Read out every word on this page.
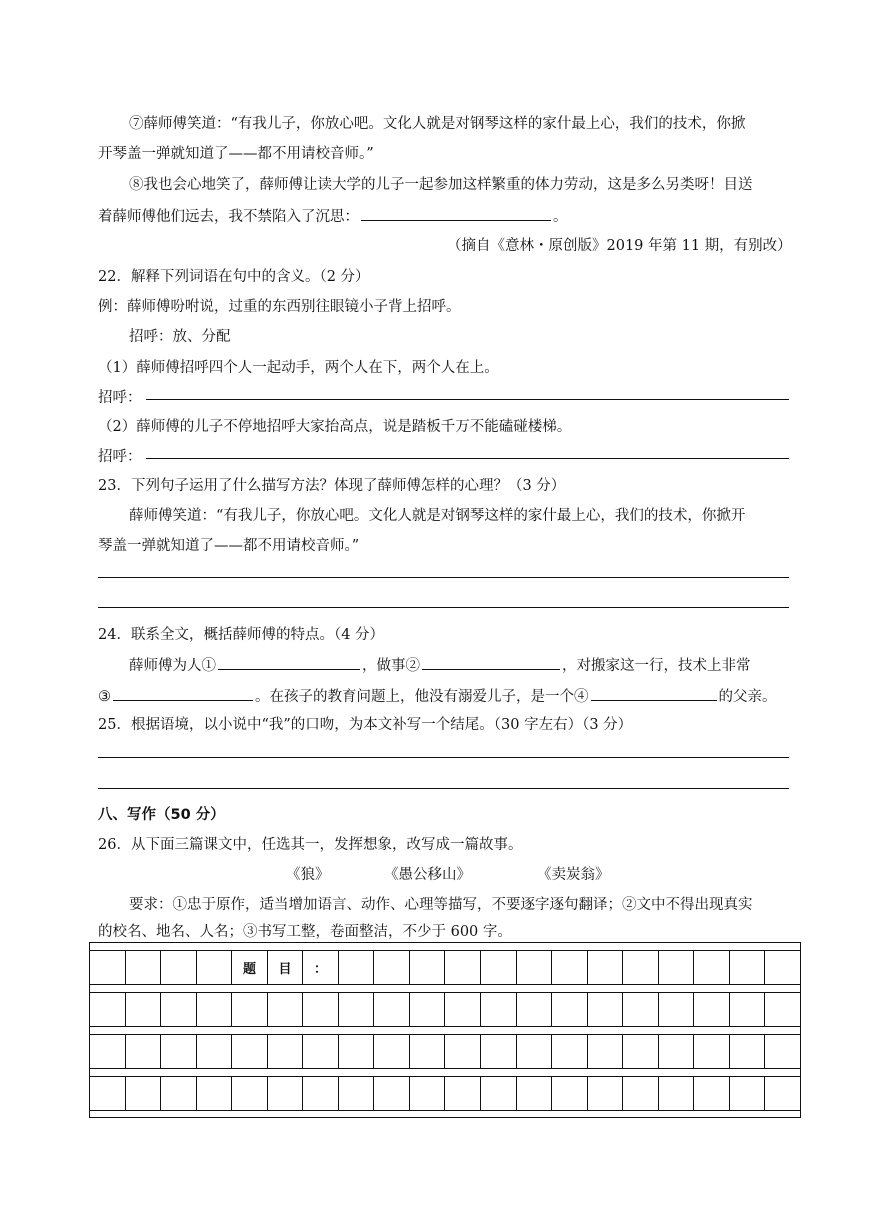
⑦薛师傅笑道：“有我儿子，你放心吧。文化人就是对钢琴这样的家什最上心，我们的技术，你掀
开琴盖一弹就知道了——都不用请校音师。”
⑧我也会心地笑了，薛师傅让读大学的儿子一起参加这样繁重的体力劳动，这是多么另类呀！目送
着薛师傅他们远去，我不禁陷入了沉思：	。
（摘自《意林・原创版》2019 年第 11 期，有别改）
22．解释下列词语在句中的含义。（2 分）
例：薛师傅吩咐说，过重的东西别往眼镜小子背上招呼。
招呼：放、分配
（1）薛师傅招呼四个人一起动手，两个人在下，两个人在上。
招呼：
（2）薛师傅的儿子不停地招呼大家抬高点，说是踏板千万不能磕碰楼梯。
招呼：
23．下列句子运用了什么描写方法？体现了薛师傅怎样的心理？（3 分）
薛师傅笑道：“有我儿子，你放心吧。文化人就是对钢琴这样的家什最上心，我们的技术，你掀开
琴盖一弹就知道了——都不用请校音师。”
24．联系全文，概括薛师傅的特点。（4 分）
薛师傅为人①	，做事②	，对搬家这一行，技术上非常
③	。在孩子的教育问题上，他没有溺爱儿子，是一个④	的父亲。
25．根据语境，以小说中“我”的口吻，为本文补写一个结尾。（30 字左右）（3 分）
八、写作（50 分）
26．从下面三篇课文中，任选其一，发挥想象，改写成一篇故事。
《狼》	《愚公移山》	《卖炭翁》
要求：①忠于原作，适当增加语言、动作、心理等描写，不要逐字逐句翻译；②文中不得出现真实
的校名、地名、人名；③书写工整，卷面整洁，不少于 600 字。
题	目	：
